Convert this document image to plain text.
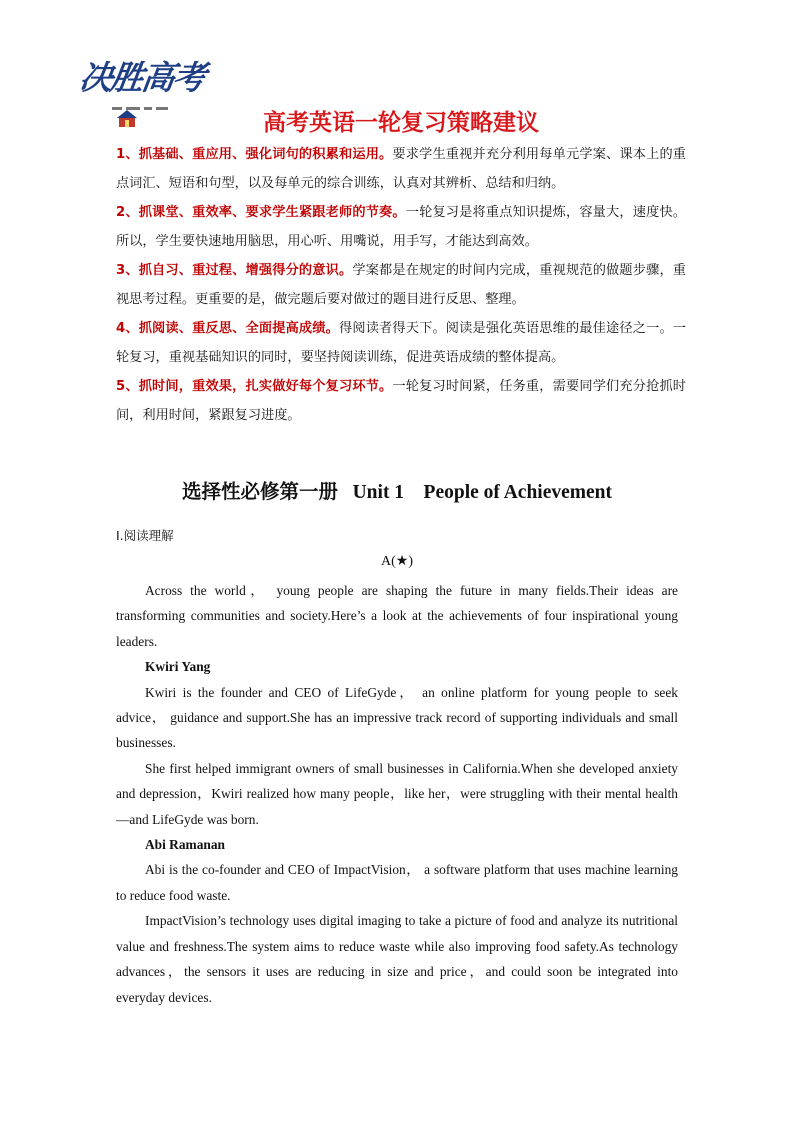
决胜高考
高考英语一轮复习策略建议

1、抓基础、重应用、强化词句的积累和运用。要求学生重视并充分利用每单元学案、课本上的重点词汇、短语和句型，以及每单元的综合训练，认真对其辨析、总结和归纳。

2、抓课堂、重效率、要求学生紧跟老师的节奏。一轮复习是将重点知识提炼，容量大，速度快。所以，学生要快速地用脑思，用心听、用嘴说，用手写，才能达到高效。

3、抓自习、重过程、增强得分的意识。学案都是在规定的时间内完成，重视规范的做题步骤，重视思考过程。更重要的是，做完题后要对做过的题目进行反思、整理。

4、抓阅读、重反思、全面提高成绩。得阅读者得天下。阅读是强化英语思维的最佳途径之一。一轮复习，重视基础知识的同时，要坚持阅读训练，促进英语成绩的整体提高。

5、抓时间，重效果，扎实做好每个复习环节。一轮复习时间紧，任务重，需要同学们充分抢抓时间，利用时间，紧跟复习进度。

选择性必修第一册   Unit 1    People of Achievement
Ⅰ.阅读理解
A(★)

Across the world， young people are shaping the future in many fields.Their ideas are transforming communities and society.Here’s a look at the achievements of four inspirational young leaders.

Kwiri Yang

Kwiri is the founder and CEO of LifeGyde， an online platform for young people to seek advice， guidance and support.She has an impressive track record of supporting individuals and small businesses.

She first helped immigrant owners of small businesses in California.When she developed anxiety and depression，Kwiri realized how many people，like her，were struggling with their mental health—and LifeGyde was born.

Abi Ramanan

Abi is the co-founder and CEO of ImpactVision， a software platform that uses machine learning to reduce food waste.

ImpactVision’s technology uses digital imaging to take a picture of food and analyze its nutritional value and freshness.The system aims to reduce waste while also improving food safety.As technology advances，the sensors it uses are reducing in size and price，and could soon be integrated into everyday devices.
